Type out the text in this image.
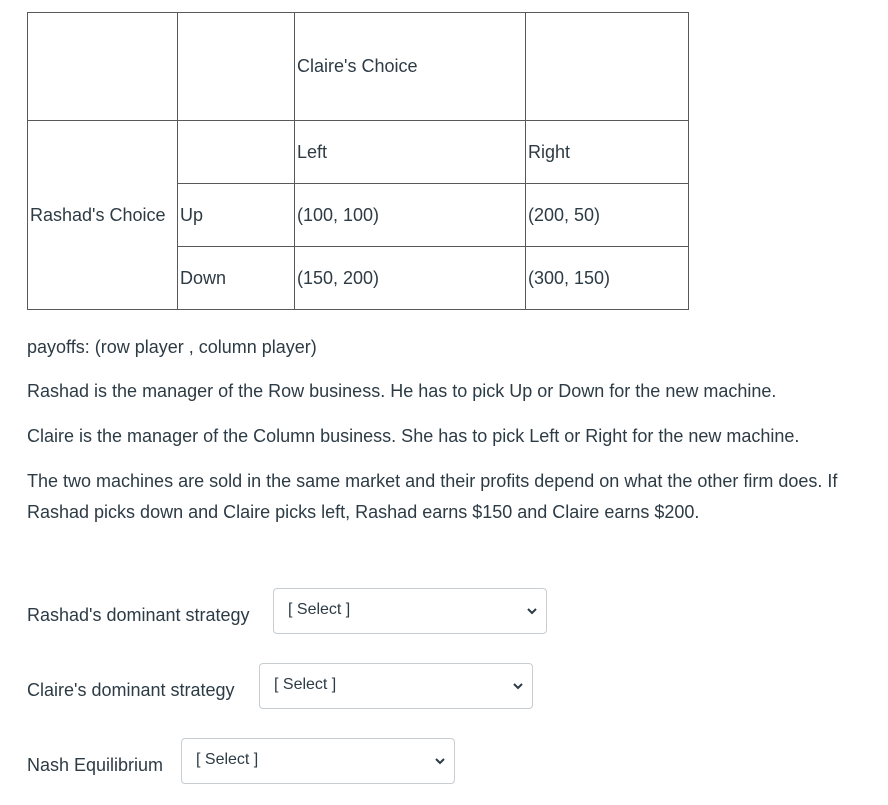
		Claire's Choice	
Rashad's Choice		Left	Right
	Up	(100, 100)	(200, 50)
	Down	(150, 200)	(300, 150)

payoffs: (row player , column player)

Rashad is the manager of the Row business. He has to pick Up or Down for the new machine.

Claire is the manager of the Column business. She has to pick Left or Right for the new machine.

The two machines are sold in the same market and their profits depend on what the other firm does. If Rashad picks down and Claire picks left, Rashad earns $150 and Claire earns $200.

Rashad's dominant strategy [ Select ]
Claire's dominant strategy [ Select ]
Nash Equilibrium [ Select ]
